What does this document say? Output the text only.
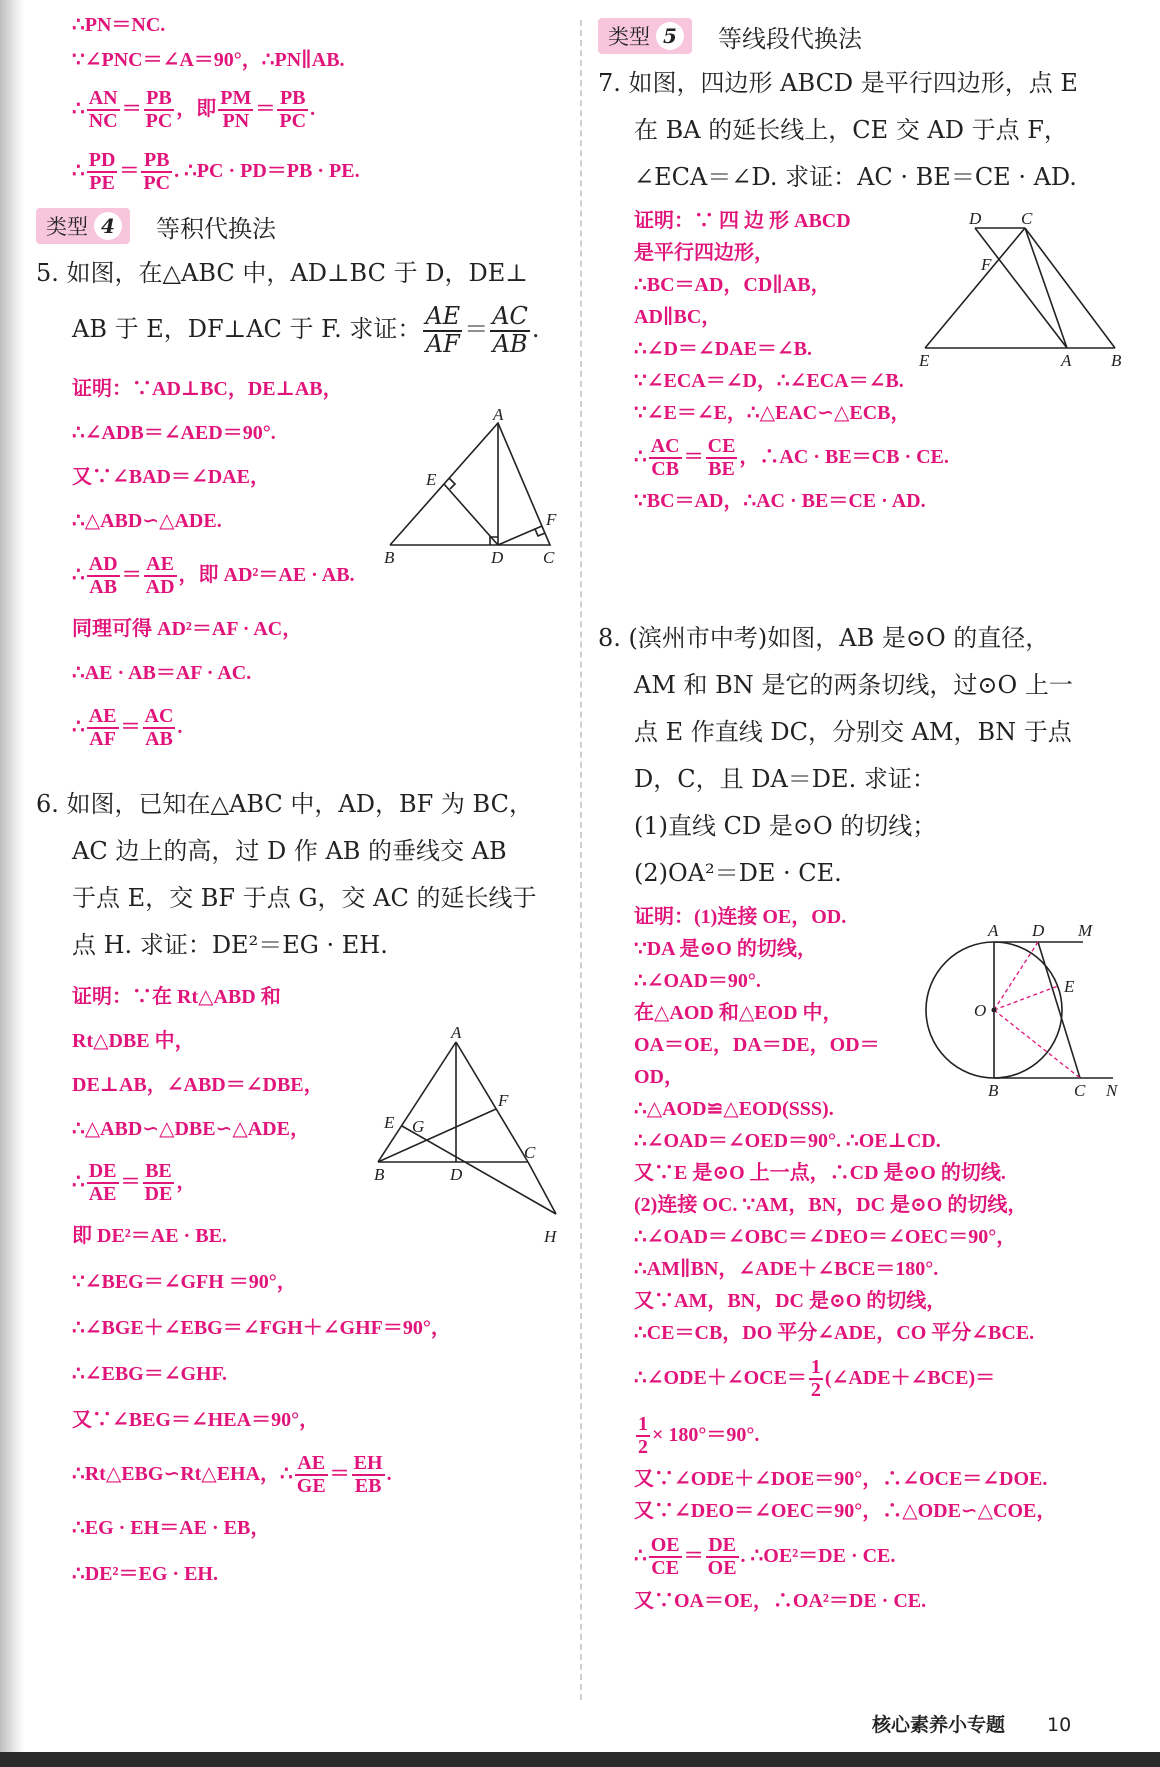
∴PN＝NC.

∵∠PNC＝∠A＝90°，∴PN∥AB.

∴ $\frac{AN}{NC} = \frac{PB}{PC}$ ，即 $\frac{PM}{PN} = \frac{PB}{PC}$ .

∴ $\frac{PD}{PE} = \frac{PB}{PC}$ . ∴PC · PD＝PB · PE.

类型 4 等积代换法

5. 如图，在△ABC 中，AD⊥BC 于 D，DE⊥

AB 于 E，DF⊥AC 于 F. 求证： $\frac{AE}{AF} = \frac{AC}{AB}$ .

证明：∵AD⊥BC，DE⊥AB，

∴∠ADB＝∠AED＝90°.

又∵∠BAD＝∠DAE，

∴△ABD∽△ADE.

∴ $\frac{AD}{AB} = \frac{AE}{AD}$ ，即 AD²＝AE · AB.

同理可得 AD²＝AF · AC，

∴AE · AB＝AF · AC.

∴ $\frac{AE}{AF} = \frac{AC}{AB}$ .

6. 如图，已知在△ABC 中，AD，BF 为 BC，

AC 边上的高，过 D 作 AB 的垂线交 AB

于点 E，交 BF 于点 G，交 AC 的延长线于

点 H. 求证：DE²＝EG · EH.

证明：∵在 Rt△ABD 和

Rt△DBE 中，

DE⊥AB，∠ABD＝∠DBE，

∴△ABD∽△DBE∽△ADE，

∴ $\frac{DE}{AE} = \frac{BE}{DE}$ ，

即 DE²＝AE · BE.

∵∠BEG＝∠GFH ＝90°，

∴∠BGE＋∠EBG＝∠FGH＋∠GHF＝90°，

∴∠EBG＝∠GHF.

又∵∠BEG＝∠HEA＝90°，

∴Rt△EBG∽Rt△EHA，∴ $\frac{AE}{GE} = \frac{EH}{EB}$ .

∴EG · EH＝AE · EB，

∴DE²＝EG · EH.

A
B	C
D
E
F
A
B
C
D
E
F
G
H
类型 5 等线段代换法

7. 如图，四边形 ABCD 是平行四边形，点 E

在 BA 的延长线上，CE 交 AD 于点 F，

∠ECA＝∠D. 求证：AC · BE＝CE · AD.

证明：∵ 四 边 形 ABCD

是平行四边形，

∴BC＝AD，CD∥AB，

AD∥BC，

∴∠D＝∠DAE＝∠B.

∵∠ECA＝∠D，∴∠ECA＝∠B.

∵∠E＝∠E，∴△EAC∽△ECB，

∴ $\frac{AC}{CB} = \frac{CE}{BE}$ ，∴AC · BE＝CB · CE.

∵BC＝AD，∴AC · BE＝CE · AD.

8. (滨州市中考)如图，AB 是⊙O 的直径，

AM 和 BN 是它的两条切线，过⊙O 上一

点 E 作直线 DC，分别交 AM，BN 于点

D，C，且 DA＝DE. 求证：

(1)直线 CD 是⊙O 的切线；

(2)OA²＝DE · CE.

证明：(1)连接 OE，OD.

∵DA 是⊙O 的切线，

∴∠OAD＝90°.

在△AOD 和△EOD 中，

OA＝OE，DA＝DE，OD＝

OD，

∴△AOD≌△EOD(SSS).

∴∠OAD＝∠OED＝90°. ∴OE⊥CD.

又∵E 是⊙O 上一点，∴CD 是⊙O 的切线.

(2)连接 OC. ∵AM，BN，DC 是⊙O 的切线，

∴∠OAD＝∠OBC＝∠DEO＝∠OEC＝90°，

∴AM∥BN，∠ADE＋∠BCE＝180°.

又∵AM，BN，DC 是⊙O 的切线，

∴CE＝CB，DO 平分∠ADE，CO 平分∠BCE.

∴∠ODE＋∠OCE＝ $\frac{1}{2}$ (∠ADE＋∠BCE)＝

$\frac{1}{2} \times 180^\circ=90^\circ$.

又∵∠ODE＋∠DOE＝90°，∴∠OCE＝∠DOE.

又∵∠DEO＝∠OEC＝90°，∴△ODE∽△COE，

∴ $\frac{OE}{CE} = \frac{DE}{OE}$ . ∴OE²＝DE · CE.

又∵OA＝OE，∴OA²＝DE · CE.

D C
F
E	A B
A D M
E
O
B	C N
核心素养小专题 10
